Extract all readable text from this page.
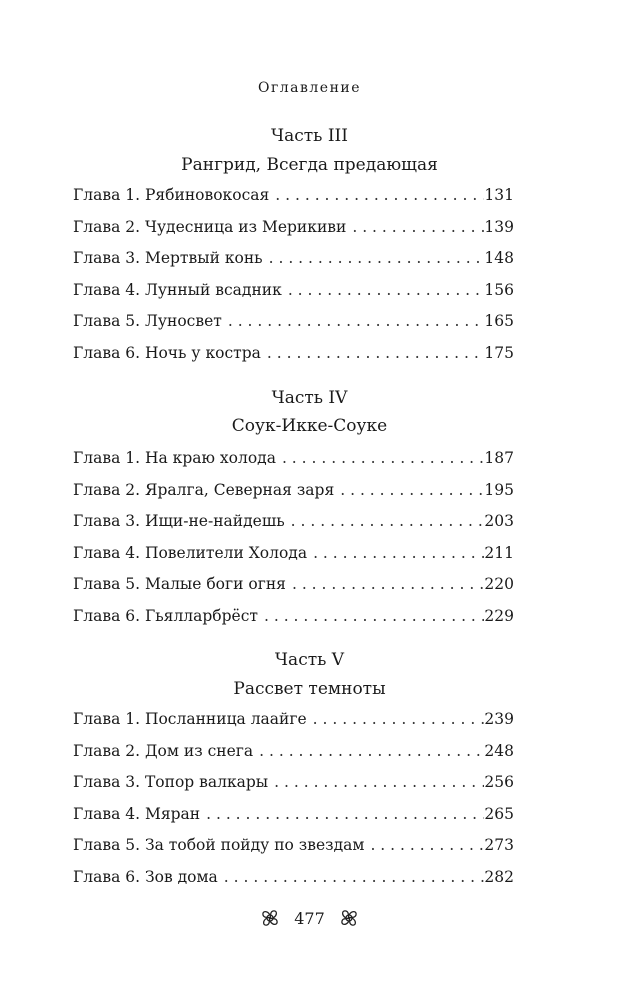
Оглавление
Часть III
Рангрид, Всегда предающая
Глава 1. Рябиновокосая . . .	131
Глава 2. Чудесница из Мерикиви . . .	139
Глава 3. Мертвый конь . . .	148
Глава 4. Лунный всадник . . .	156
Глава 5. Луносвет . . .	165
Глава 6. Ночь у костра . . .	175
Часть IV
Соук-Икке-Соуке
Глава 1. На краю холода . . .	187
Глава 2. Яралга, Северная заря . . .	195
Глава 3. Ищи-не-найдешь . . .	203
Глава 4. Повелители Холода . . .	211
Глава 5. Малые боги огня . . .	220
Глава 6. Гьялларбрёст . . .	229
Часть V
Рассвет темноты
Глава 1. Посланница лаайге . . .	239
Глава 2. Дом из снега . . .	248
Глава 3. Топор валкары . . .	256
Глава 4. Мяран . . .	265
Глава 5. За тобой пойду по звездам . . .	273
Глава 6. Зов дома . . .	282
477
